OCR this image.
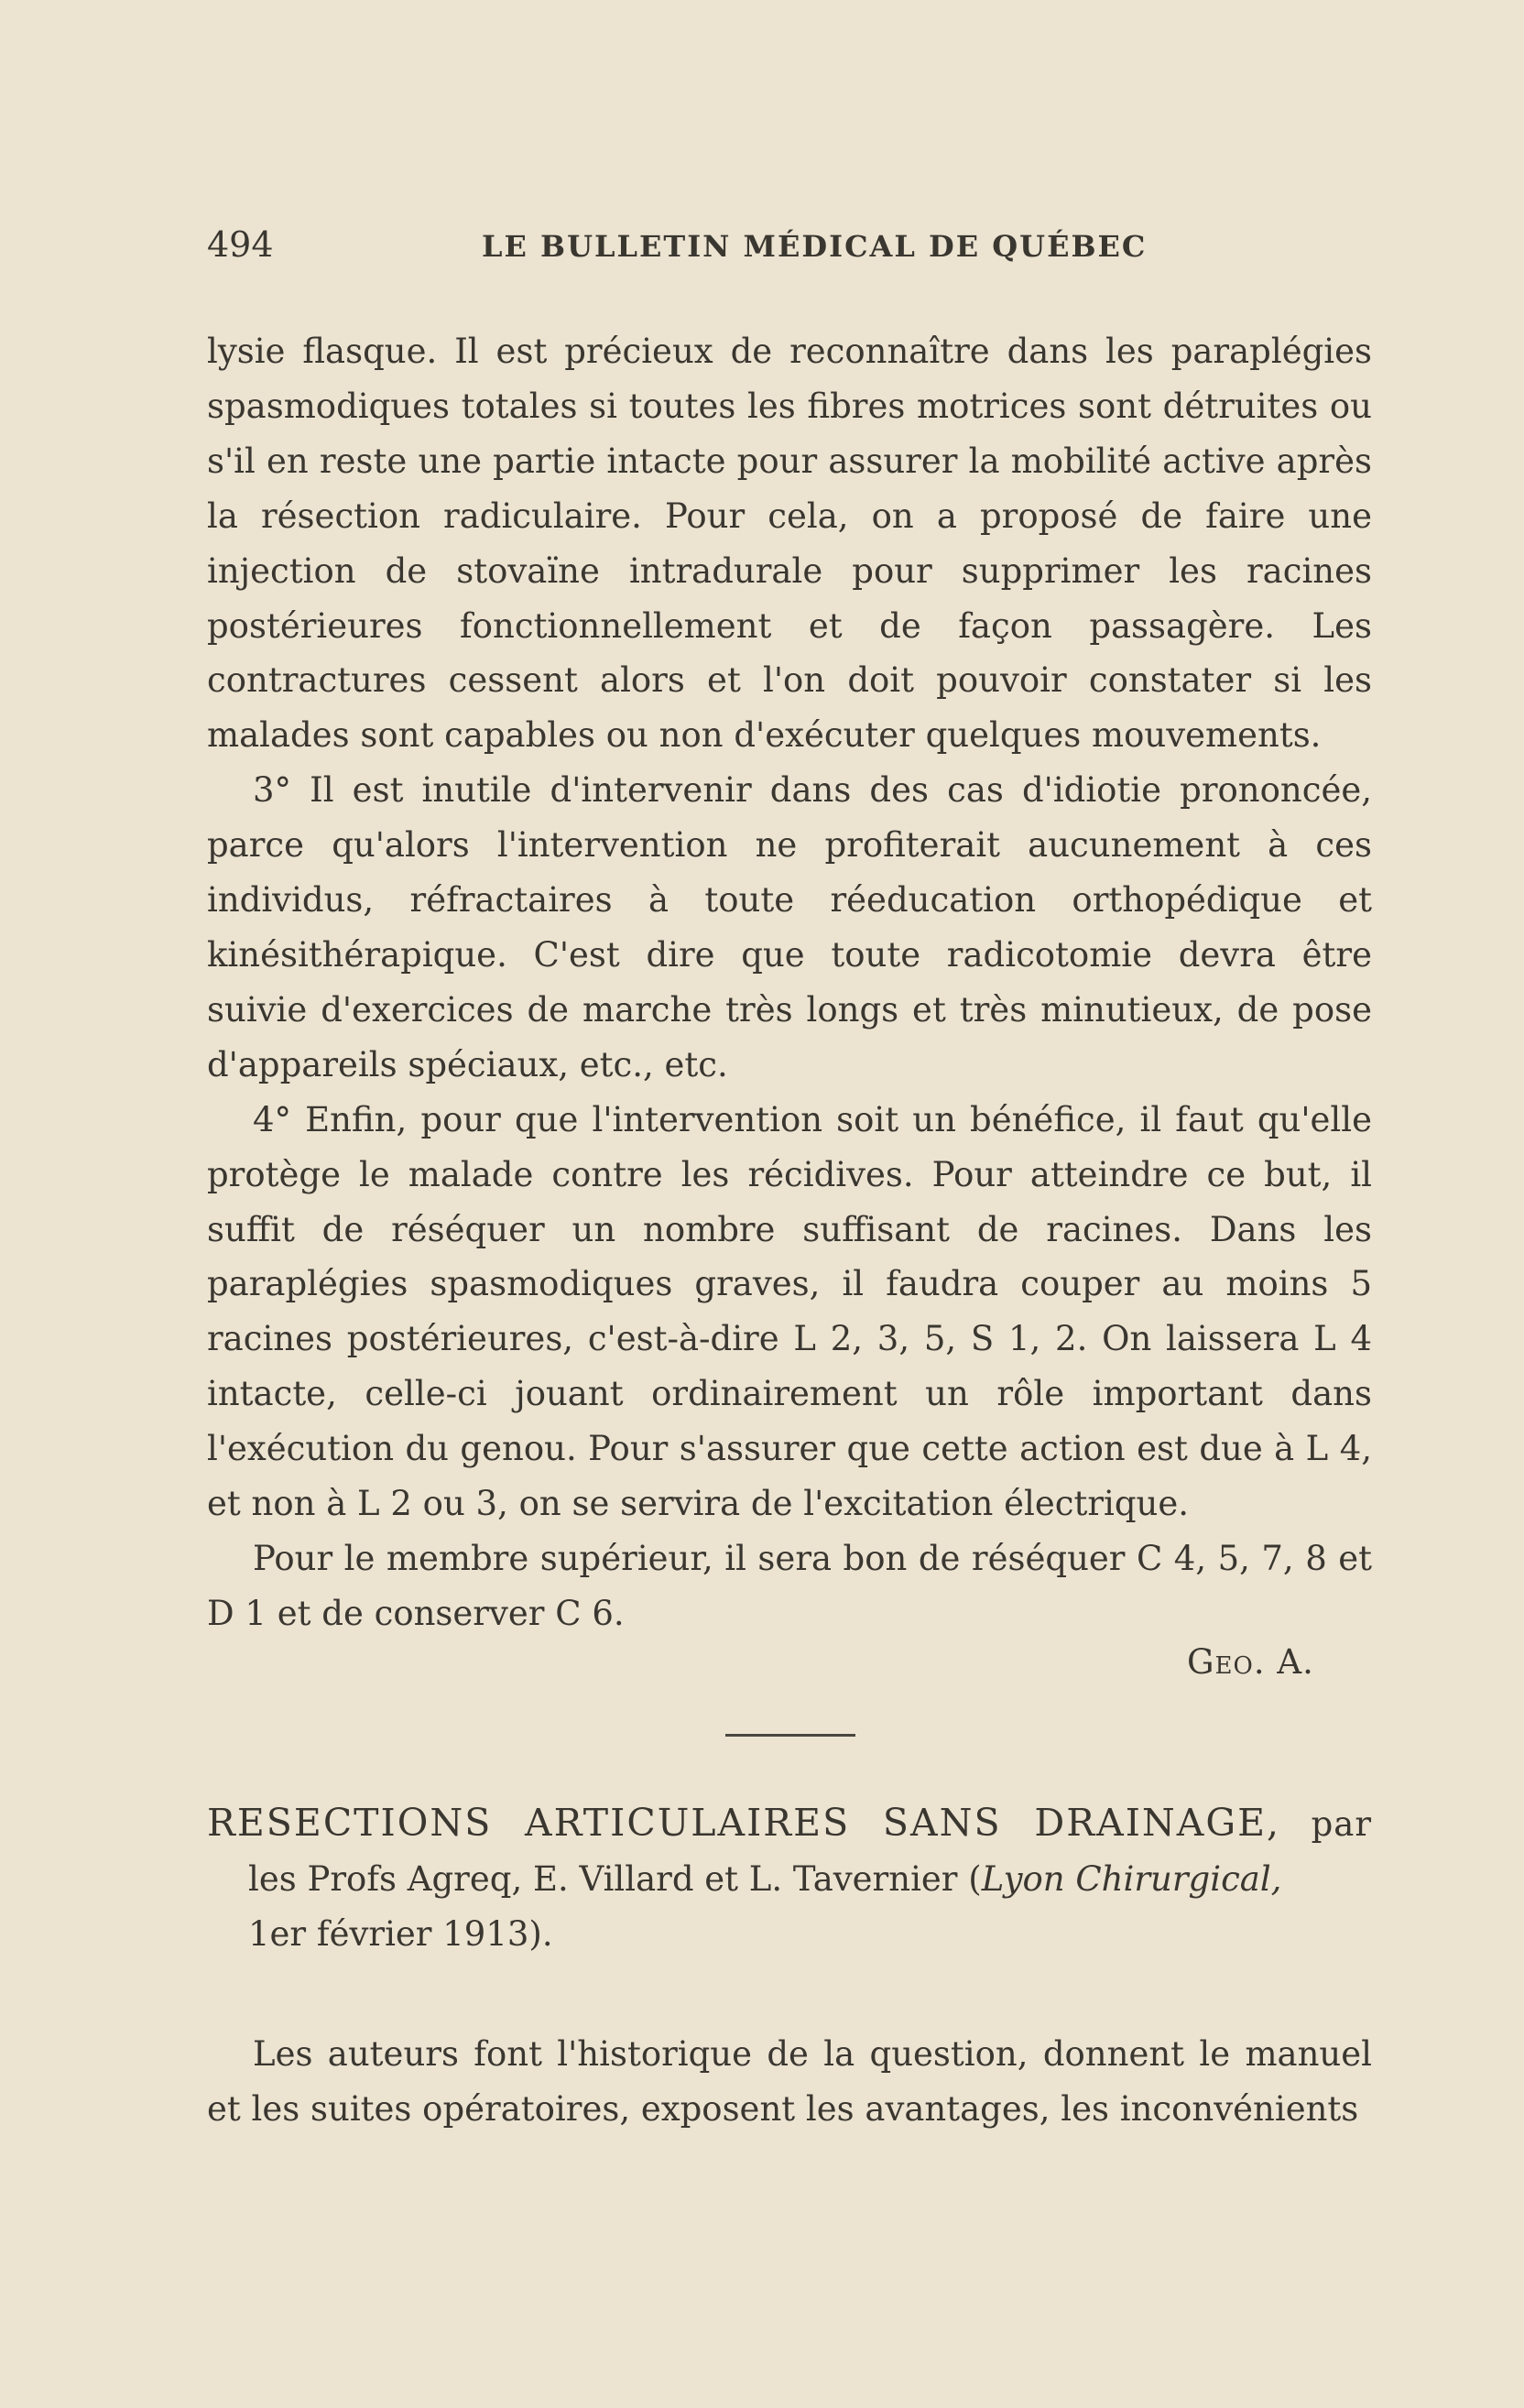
494	LE BULLETIN MÉDICAL DE QUÉBEC

lysie flasque. Il est précieux de reconnaître dans les paraplégies spasmodiques totales si toutes les fibres motrices sont détruites ou s'il en reste une partie intacte pour assurer la mobilité active après la résection radiculaire. Pour cela, on a proposé de faire une injection de stovaïne intradurale pour supprimer les racines postérieures fonctionnellement et de façon passagère. Les contractures cessent alors et l'on doit pouvoir constater si les malades sont capables ou non d'exécuter quelques mouvements.

3° Il est inutile d'intervenir dans des cas d'idiotie prononcée, parce qu'alors l'intervention ne profiterait aucunement à ces individus, réfractaires à toute réeducation orthopédique et kinésithérapique. C'est dire que toute radicotomie devra être suivie d'exercices de marche très longs et très minutieux, de pose d'appareils spéciaux, etc., etc.

4° Enfin, pour que l'intervention soit un bénéfice, il faut qu'elle protège le malade contre les récidives. Pour atteindre ce but, il suffit de réséquer un nombre suffisant de racines. Dans les paraplégies spasmodiques graves, il faudra couper au moins 5 racines postérieures, c'est-à-dire L 2, 3, 5, S 1, 2. On laissera L 4 intacte, celle-ci jouant ordinairement un rôle important dans l'exécution du genou. Pour s'assurer que cette action est due à L 4, et non à L 2 ou 3, on se servira de l'excitation électrique.

Pour le membre supérieur, il sera bon de réséquer C 4, 5, 7, 8 et D 1 et de conserver C 6.

Geo. A.
RESECTIONS ARTICULAIRES SANS DRAINAGE, par
les Profs Agreq, E. Villard et L. Tavernier (Lyon Chirurgical,
1er février 1913).

Les auteurs font l'historique de la question, donnent le manuel et les suites opératoires, exposent les avantages, les inconvénients
